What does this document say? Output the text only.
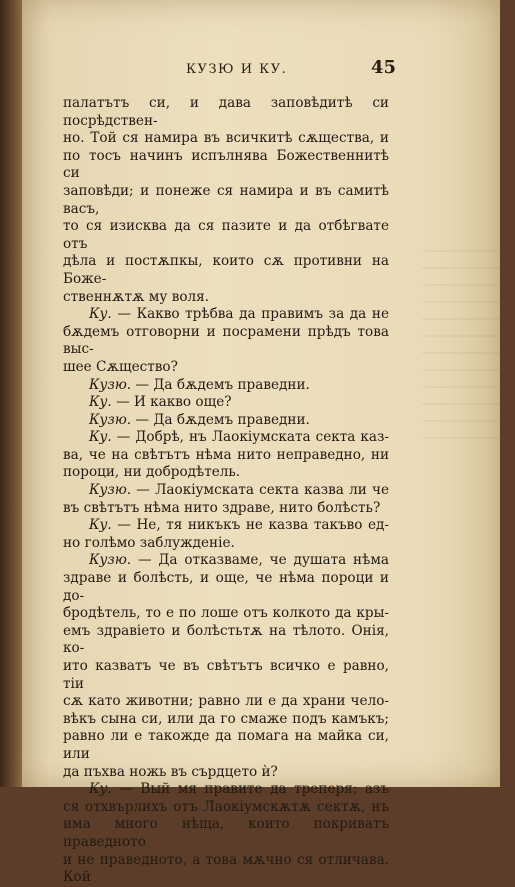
КУЗЮ И КУ.	45

палатътъ си, и дава заповѣдитѣ си посрѣдствен-

но. Той ся намира въ всичкитѣ сѫщества, и

по тосъ начинъ испълнява Божественнитѣ си

заповѣди; и понеже ся намира и въ самитѣ васъ,

то ся изисква да ся пазите и да отбѣгвате отъ

дѣла и постѫпкы, които сѫ противни на Боже-

ственнѫтѫ му воля.

Ку. — Какво трѣбва да правимъ за да не

бѫдемъ отговорни и посрамени прѣдъ това выс-

шее Сѫщество?

Кузю. — Да бѫдемъ праведни.

Ку. — И какво още?

Кузю. — Да бѫдемъ праведни.

Ку. — Добрѣ, нъ Лаокіумската секта каз-

ва, че на свѣтътъ нѣма нито неправедно, ни

пороци, ни добродѣтель.

Кузю. — Лаокіумската секта казва ли че

въ свѣтътъ нѣма нито здраве, нито болѣсть?

Ку. — Не, тя никъкъ не казва такъво ед-

но голѣмо заблужденіе.

Кузю. — Да отказваме, че душата нѣма

здраве и болѣсть, и още, че нѣма пороци и до-

бродѣтель, то е по лоше отъ колкото да кры-

емъ здравіето и болѣстьтѫ на тѣлото. Онія, ко-

ито казватъ че въ свѣтътъ всичко е равно, тіи

сѫ като животни; равно ли е да храни чело-

вѣкъ сына си, или да го смаже подъ камъкъ;

равно ли е такожде да помага на майка си, или

да пъхва ножь въ сърдцето ѝ?

Ку. — Вый мя правите да треперя; азъ

ся отхвърлихъ отъ Лаокіумскѫтѫ сектѫ, нъ

има много нѣща, които покриватъ праведното

и не праведното, а това мѫчно ся отличава. Кой
